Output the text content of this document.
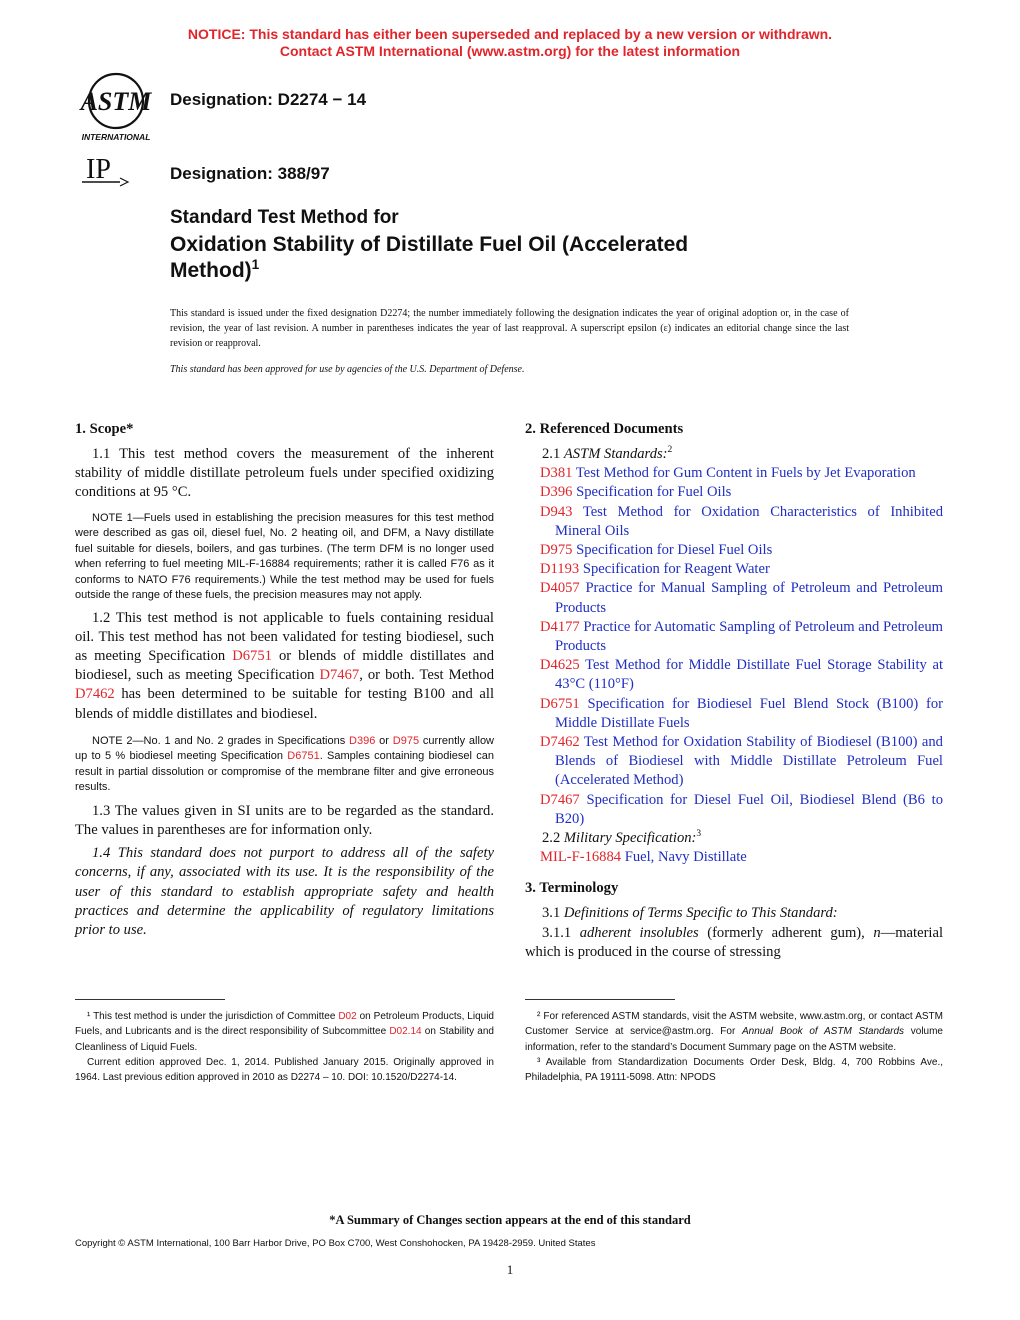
NOTICE: This standard has either been superseded and replaced by a new version or withdrawn.
Contact ASTM International (www.astm.org) for the latest information
ASTM
INTERNATIONAL
Designation: D2274 − 14
IP	Designation: 388/97
Standard Test Method for
Oxidation Stability of Distillate Fuel Oil (Accelerated
Method)$^1$
This standard is issued under the fixed designation D2274; the number immediately following the designation indicates the year of original adoption or, in the case of revision, the year of last revision. A number in parentheses indicates the year of last reapproval. A superscript epsilon (ε) indicates an editorial change since the last revision or reapproval.
This standard has been approved for use by agencies of the U.S. Department of Defense.

1. Scope*

1.1 This test method covers the measurement of the inherent stability of middle distillate petroleum fuels under specified oxidizing conditions at 95 °C.

NOTE 1—Fuels used in establishing the precision measures for this test method were described as gas oil, diesel fuel, No. 2 heating oil, and DFM, a Navy distillate fuel suitable for diesels, boilers, and gas turbines. (The term DFM is no longer used when referring to fuel meeting MIL-F-16884 requirements; rather it is called F76 as it conforms to NATO F76 requirements.) While the test method may be used for fuels outside the range of these fuels, the precision measures may not apply.

1.2 This test method is not applicable to fuels containing residual oil. This test method has not been validated for testing biodiesel, such as meeting Specification D6751 or blends of middle distillates and biodiesel, such as meeting Specification D7467, or both. Test Method D7462 has been determined to be suitable for testing B100 and all blends of middle distillates and biodiesel.

NOTE 2—No. 1 and No. 2 grades in Specifications D396 or D975 currently allow up to 5 % biodiesel meeting Specification D6751. Samples containing biodiesel can result in partial dissolution or compromise of the membrane filter and give erroneous results.

1.3 The values given in SI units are to be regarded as the standard. The values in parentheses are for information only.

1.4 This standard does not purport to address all of the safety concerns, if any, associated with its use. It is the responsibility of the user of this standard to establish appropriate safety and health practices and determine the applicability of regulatory limitations prior to use.

¹ This test method is under the jurisdiction of Committee D02 on Petroleum Products, Liquid Fuels, and Lubricants and is the direct responsibility of Subcommittee D02.14 on Stability and Cleanliness of Liquid Fuels.

Current edition approved Dec. 1, 2014. Published January 2015. Originally approved in 1964. Last previous edition approved in 2010 as D2274 – 10. DOI: 10.1520/D2274-14.

2. Referenced Documents

2.1 ASTM Standards:$^2$

D381 Test Method for Gum Content in Fuels by Jet Evaporation

D396 Specification for Fuel Oils

D943 Test Method for Oxidation Characteristics of Inhibited Mineral Oils

D975 Specification for Diesel Fuel Oils

D1193 Specification for Reagent Water

D4057 Practice for Manual Sampling of Petroleum and Petroleum Products

D4177 Practice for Automatic Sampling of Petroleum and Petroleum Products

D4625 Test Method for Middle Distillate Fuel Storage Stability at 43°C (110°F)

D6751 Specification for Biodiesel Fuel Blend Stock (B100) for Middle Distillate Fuels

D7462 Test Method for Oxidation Stability of Biodiesel (B100) and Blends of Biodiesel with Middle Distillate Petroleum Fuel (Accelerated Method)

D7467 Specification for Diesel Fuel Oil, Biodiesel Blend (B6 to B20)

2.2 Military Specification:$^3$

MIL-F-16884 Fuel, Navy Distillate

3. Terminology

3.1 Definitions of Terms Specific to This Standard:

3.1.1 adherent insolubles (formerly adherent gum), n—material which is produced in the course of stressing

² For referenced ASTM standards, visit the ASTM website, www.astm.org, or contact ASTM Customer Service at service@astm.org. For Annual Book of ASTM Standards volume information, refer to the standard’s Document Summary page on the ASTM website.

³ Available from Standardization Documents Order Desk, Bldg. 4, 700 Robbins Ave., Philadelphia, PA 19111-5098. Attn: NPODS

*A Summary of Changes section appears at the end of this standard
Copyright © ASTM International, 100 Barr Harbor Drive, PO Box C700, West Conshohocken, PA 19428-2959. United States
1
